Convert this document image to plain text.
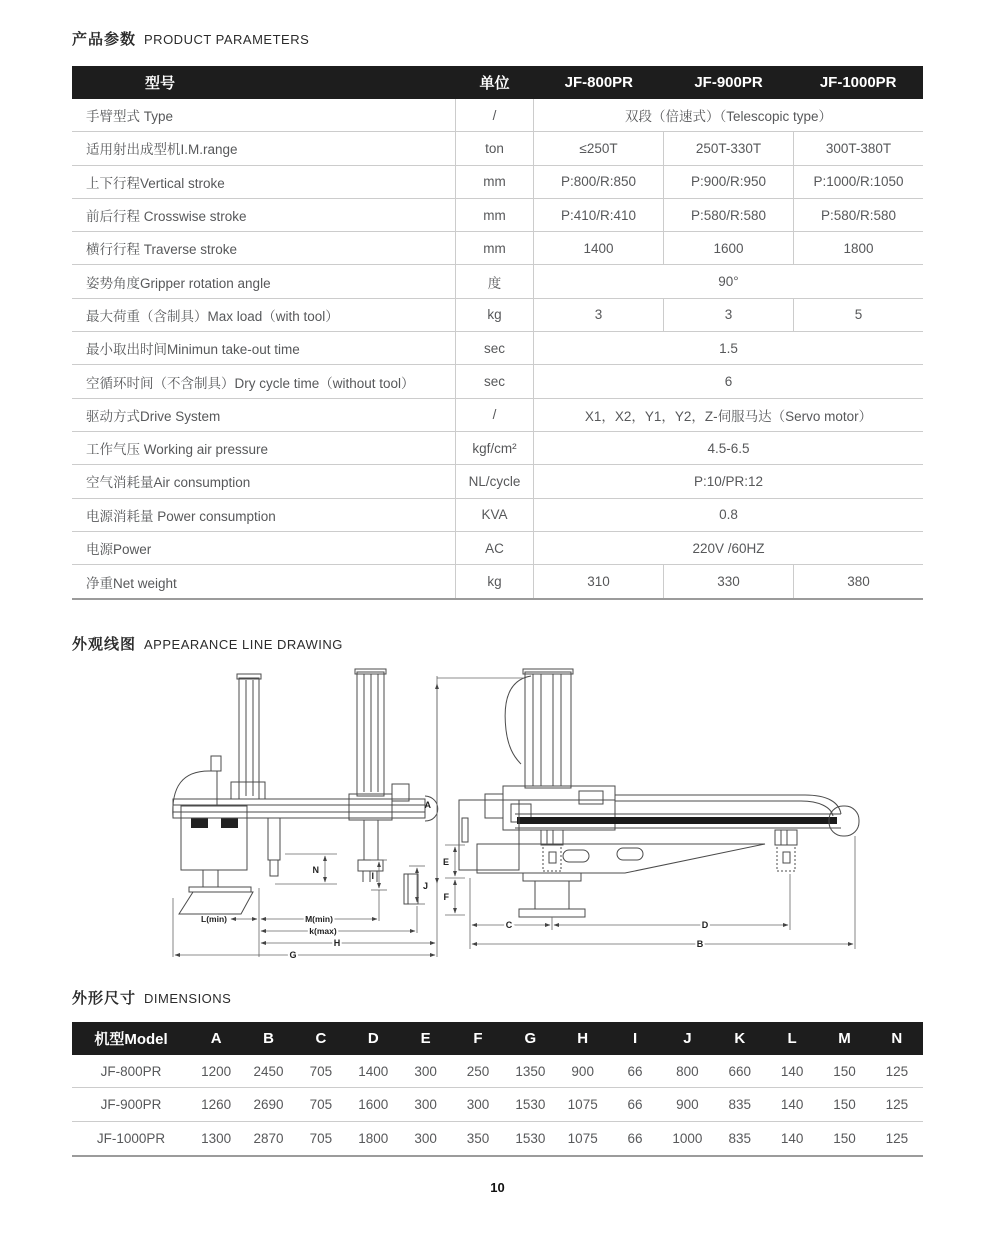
产品参数 PRODUCT PARAMETERS
型号	单位	JF-800PR	JF-900PR	JF-1000PR
手臂型式 Type	/	双段（倍速式）（Telescopic type）
适用射出成型机I.M.range	ton	≤250T	250T-330T	300T-380T
上下行程Vertical stroke	mm	P:800/R:850	P:900/R:950	P:1000/R:1050
前后行程 Crosswise stroke	mm	P:410/R:410	P:580/R:580	P:580/R:580
横行行程 Traverse stroke	mm	1400	1600	1800
姿势角度Gripper rotation angle	度	90°
最大荷重（含制具）Max load（with tool）	kg	3	3	5
最小取出时间Minimun take-out time	sec	1.5
空循环时间（不含制具）Dry cycle time（without tool）	sec	6
驱动方式Drive System	/	X1，X2，Y1，Y2，Z-伺服马达（Servo motor）
工作气压 Working air pressure	kgf/cm²	4.5-6.5
空气消耗量Air consumption	NL/cycle	P:10/PR:12
电源消耗量 Power consumption	KVA	0.8
电源Power	AC	220V /60HZ
净重Net weight	kg	310	330	380
外观线图 APPEARANCE LINE DRAWING
A
E
F
N
I
J
L(min)	M(min)
k(max)
H
G
C	D
B
外形尺寸 DIMENSIONS
机型Model	A	B	C	D	E	F	G	H	I	J	K	L	M	N
JF-800PR	1200	2450	705	1400	300	250	1350	900	66	800	660	140	150	125
JF-900PR	1260	2690	705	1600	300	300	1530	1075	66	900	835	140	150	125
JF-1000PR	1300	2870	705	1800	300	350	1530	1075	66	1000	835	140	150	125
10
